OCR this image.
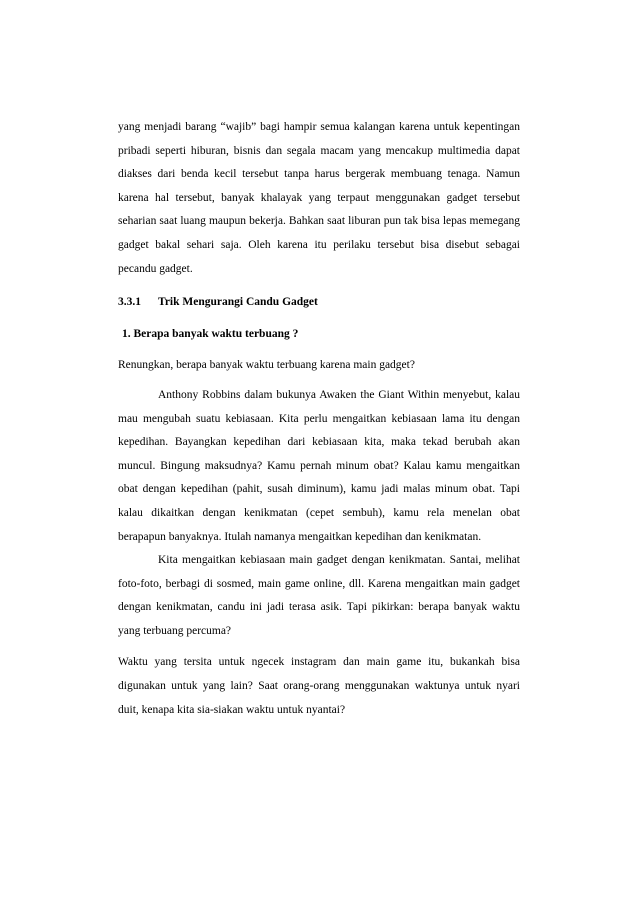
yang menjadi barang “wajib” bagi hampir semua kalangan karena untuk kepentingan pribadi seperti hiburan, bisnis dan segala macam yang mencakup multimedia dapat diakses dari benda kecil tersebut tanpa harus bergerak membuang tenaga. Namun karena hal tersebut, banyak khalayak yang terpaut menggunakan gadget tersebut seharian saat luang maupun bekerja. Bahkan saat liburan pun tak bisa lepas memegang gadget bakal sehari saja. Oleh karena itu perilaku tersebut bisa disebut sebagai pecandu gadget.

3.3.1 Trik Mengurangi Candu Gadget

1. Berapa banyak waktu terbuang ?

Renungkan, berapa banyak waktu terbuang karena main gadget?

Anthony Robbins dalam bukunya Awaken the Giant Within menyebut, kalau mau mengubah suatu kebiasaan. Kita perlu mengaitkan kebiasaan lama itu dengan kepedihan. Bayangkan kepedihan dari kebiasaan kita, maka tekad berubah akan muncul. Bingung maksudnya? Kamu pernah minum obat? Kalau kamu mengaitkan obat dengan kepedihan (pahit, susah diminum), kamu jadi malas minum obat. Tapi kalau dikaitkan dengan kenikmatan (cepet sembuh), kamu rela menelan obat berapapun banyaknya. Itulah namanya mengaitkan kepedihan dan kenikmatan.

Kita mengaitkan kebiasaan main gadget dengan kenikmatan. Santai, melihat foto-foto, berbagi di sosmed, main game online, dll. Karena mengaitkan main gadget dengan kenikmatan, candu ini jadi terasa asik. Tapi pikirkan: berapa banyak waktu yang terbuang percuma?

Waktu yang tersita untuk ngecek instagram dan main game itu, bukankah bisa digunakan untuk yang lain? Saat orang-orang menggunakan waktunya untuk nyari duit, kenapa kita sia-siakan waktu untuk nyantai?
